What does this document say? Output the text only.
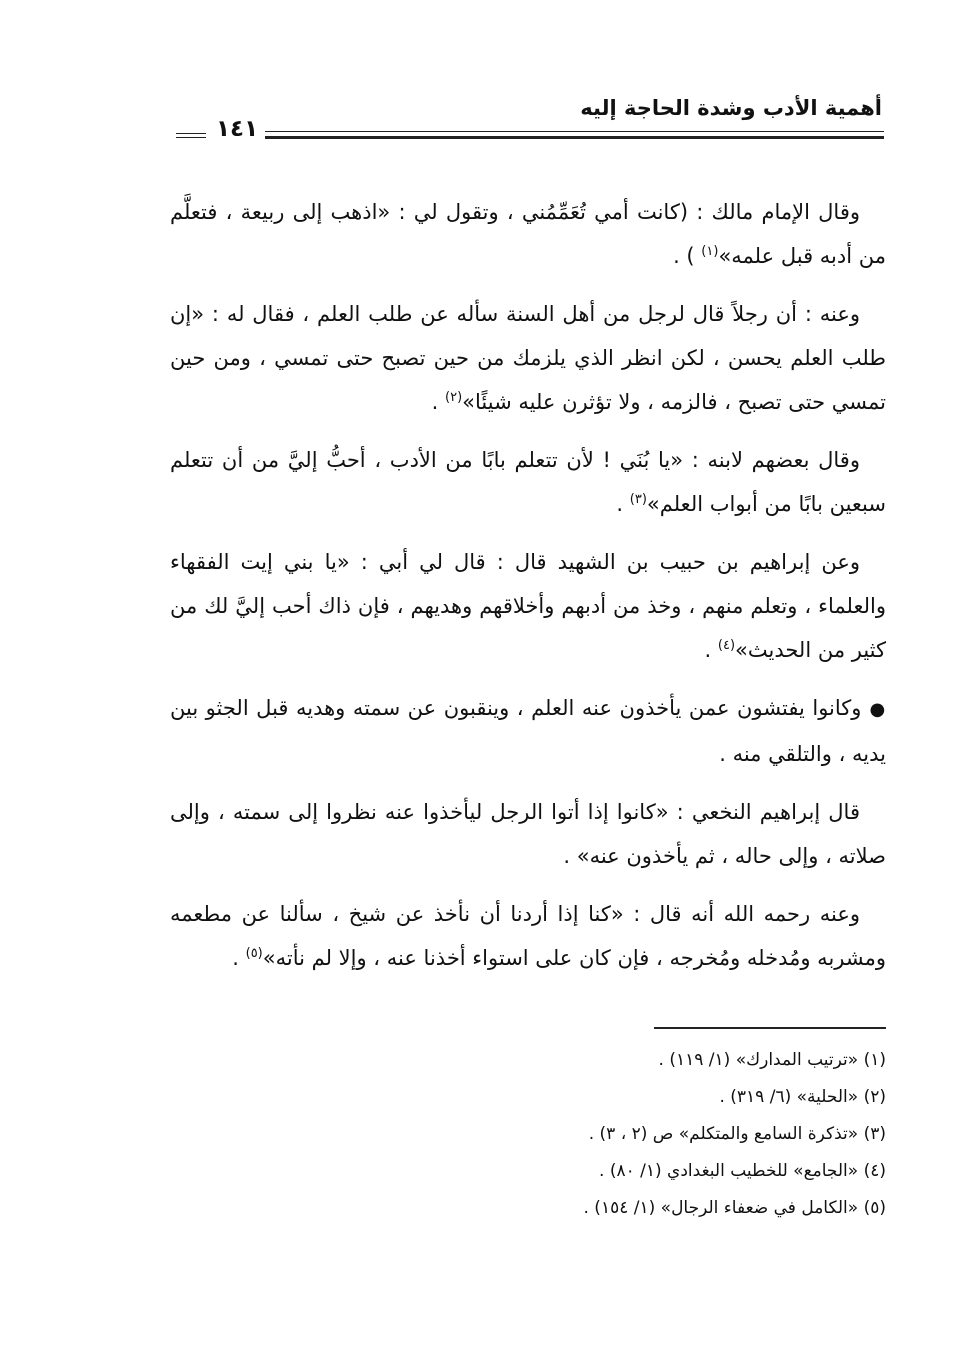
أهمية الأدب وشدة الحاجة إليه
١٤١

وقال الإمام مالك : (كانت أمي تُعَمِّمُني ، وتقول لي : «اذهب إلى ربيعة ، فتعلَّم من أدبه قبل علمه»$^{(١)}$ ) .

وعنه : أن رجلاً قال لرجل من أهل السنة سأله عن طلب العلم ، فقال له : «إن طلب العلم يحسن ، لكن انظر الذي يلزمك من حين تصبح حتى تمسي ، ومن حين تمسي حتى تصبح ، فالزمه ، ولا تؤثرن عليه شيئًا»$^{(٢)}$ .

وقال بعضهم لابنه : «يا بُنَي ! لأن تتعلم بابًا من الأدب ، أحبُّ إليَّ من أن تتعلم سبعين بابًا من أبواب العلم»$^{(٣)}$ .

وعن إبراهيم بن حبيب بن الشهيد قال : قال لي أبي : «يا بني إيت الفقهاء والعلماء ، وتعلم منهم ، وخذ من أدبهم وأخلاقهم وهديهم ، فإن ذاك أحب إليَّ لك من كثير من الحديث»$^{(٤)}$ .

●وكانوا يفتشون عمن يأخذون عنه العلم ، وينقبون عن سمته وهديه قبل الجثو بين يديه ، والتلقي منه .

قال إبراهيم النخعي : «كانوا إذا أتوا الرجل ليأخذوا عنه نظروا إلى سمته ، وإلى صلاته ، وإلى حاله ، ثم يأخذون عنه» .

وعنه رحمه الله أنه قال : «كنا إذا أردنا أن نأخذ عن شيخ ، سألنا عن مطعمه ومشربه ومُدخله ومُخرجه ، فإن كان على استواء أخذنا عنه ، وإلا لم نأته»$^{(٥)}$ .

(١) «ترتيب المدارك» (١/ ١١٩) .

(٢) «الحلية» (٦/ ٣١٩) .

(٣) «تذكرة السامع والمتكلم» ص (٢ ، ٣) .

(٤) «الجامع» للخطيب البغدادي (١/ ٨٠) .

(٥) «الكامل في ضعفاء الرجال» (١/ ١٥٤) .
